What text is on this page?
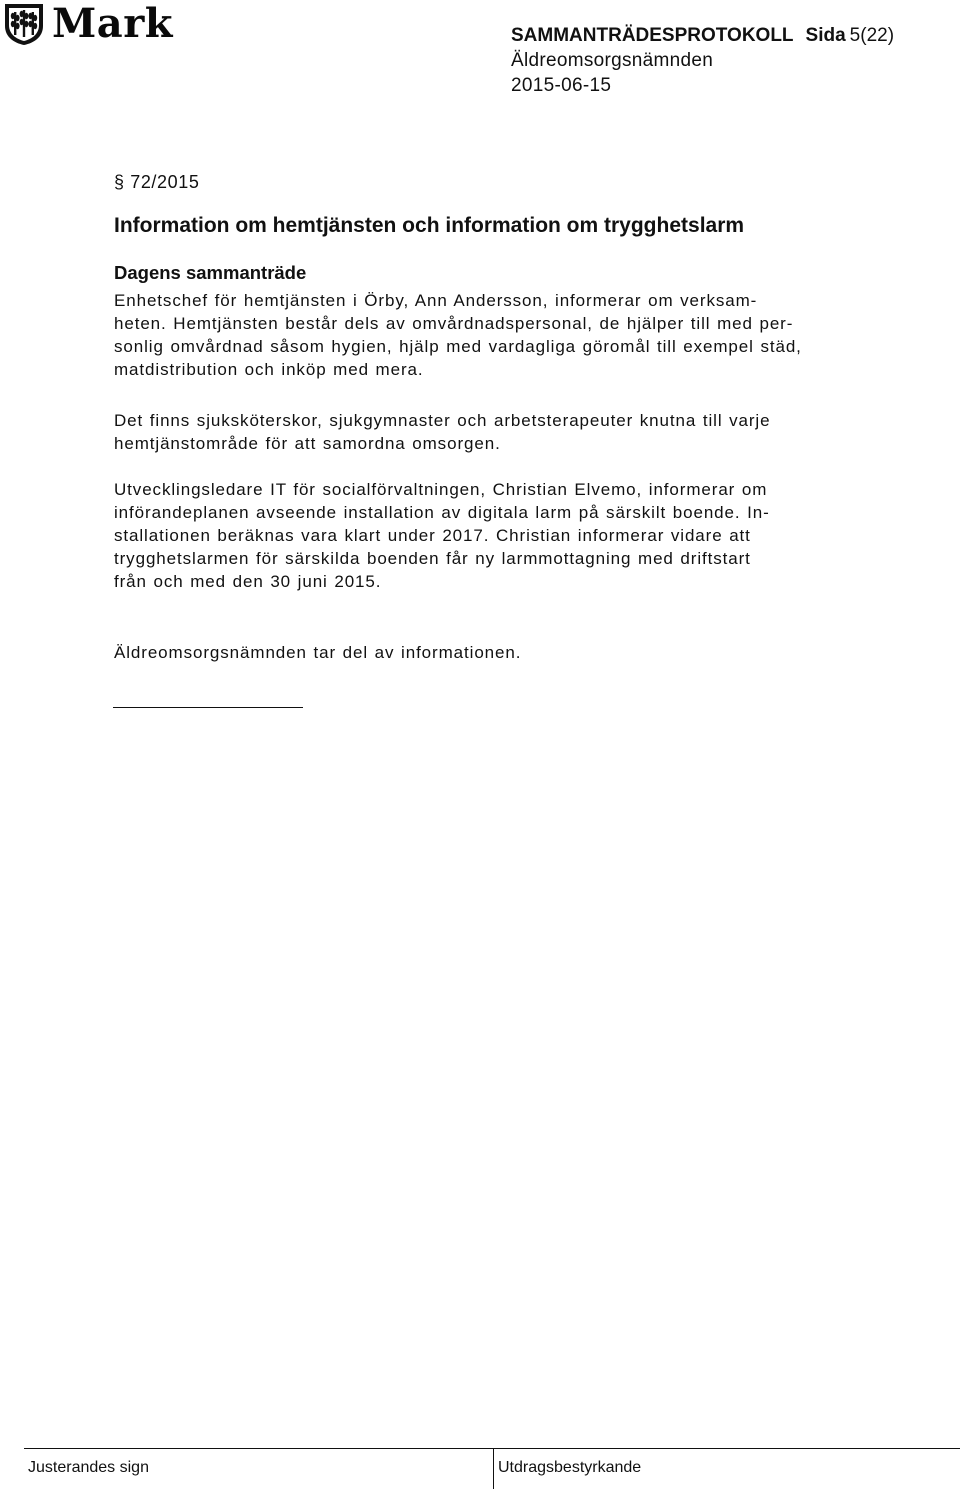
Mark	SAMMANTRÄDESPROTOKOLL Sida 5(22)
Äldreomsorgsnämnden
2015-06-15
§ 72/2015
Information om hemtjänsten och information om trygghetslarm
Dagens sammanträde
Enhetschef för hemtjänsten i Örby, Ann Andersson, informerar om verksam-
heten. Hemtjänsten består dels av omvårdnadspersonal, de hjälper till med per-
sonlig omvårdnad såsom hygien, hjälp med vardagliga göromål till exempel städ,
matdistribution och inköp med mera.
Det finns sjuksköterskor, sjukgymnaster och arbetsterapeuter knutna till varje
hemtjänstområde för att samordna omsorgen.
Utvecklingsledare IT för socialförvaltningen, Christian Elvemo, informerar om
införandeplanen avseende installation av digitala larm på särskilt boende. In-
stallationen beräknas vara klart under 2017. Christian informerar vidare att
trygghetslarmen för särskilda boenden får ny larmmottagning med driftstart
från och med den 30 juni 2015.
Äldreomsorgsnämnden tar del av informationen.
Justerandes sign	Utdragsbestyrkande
